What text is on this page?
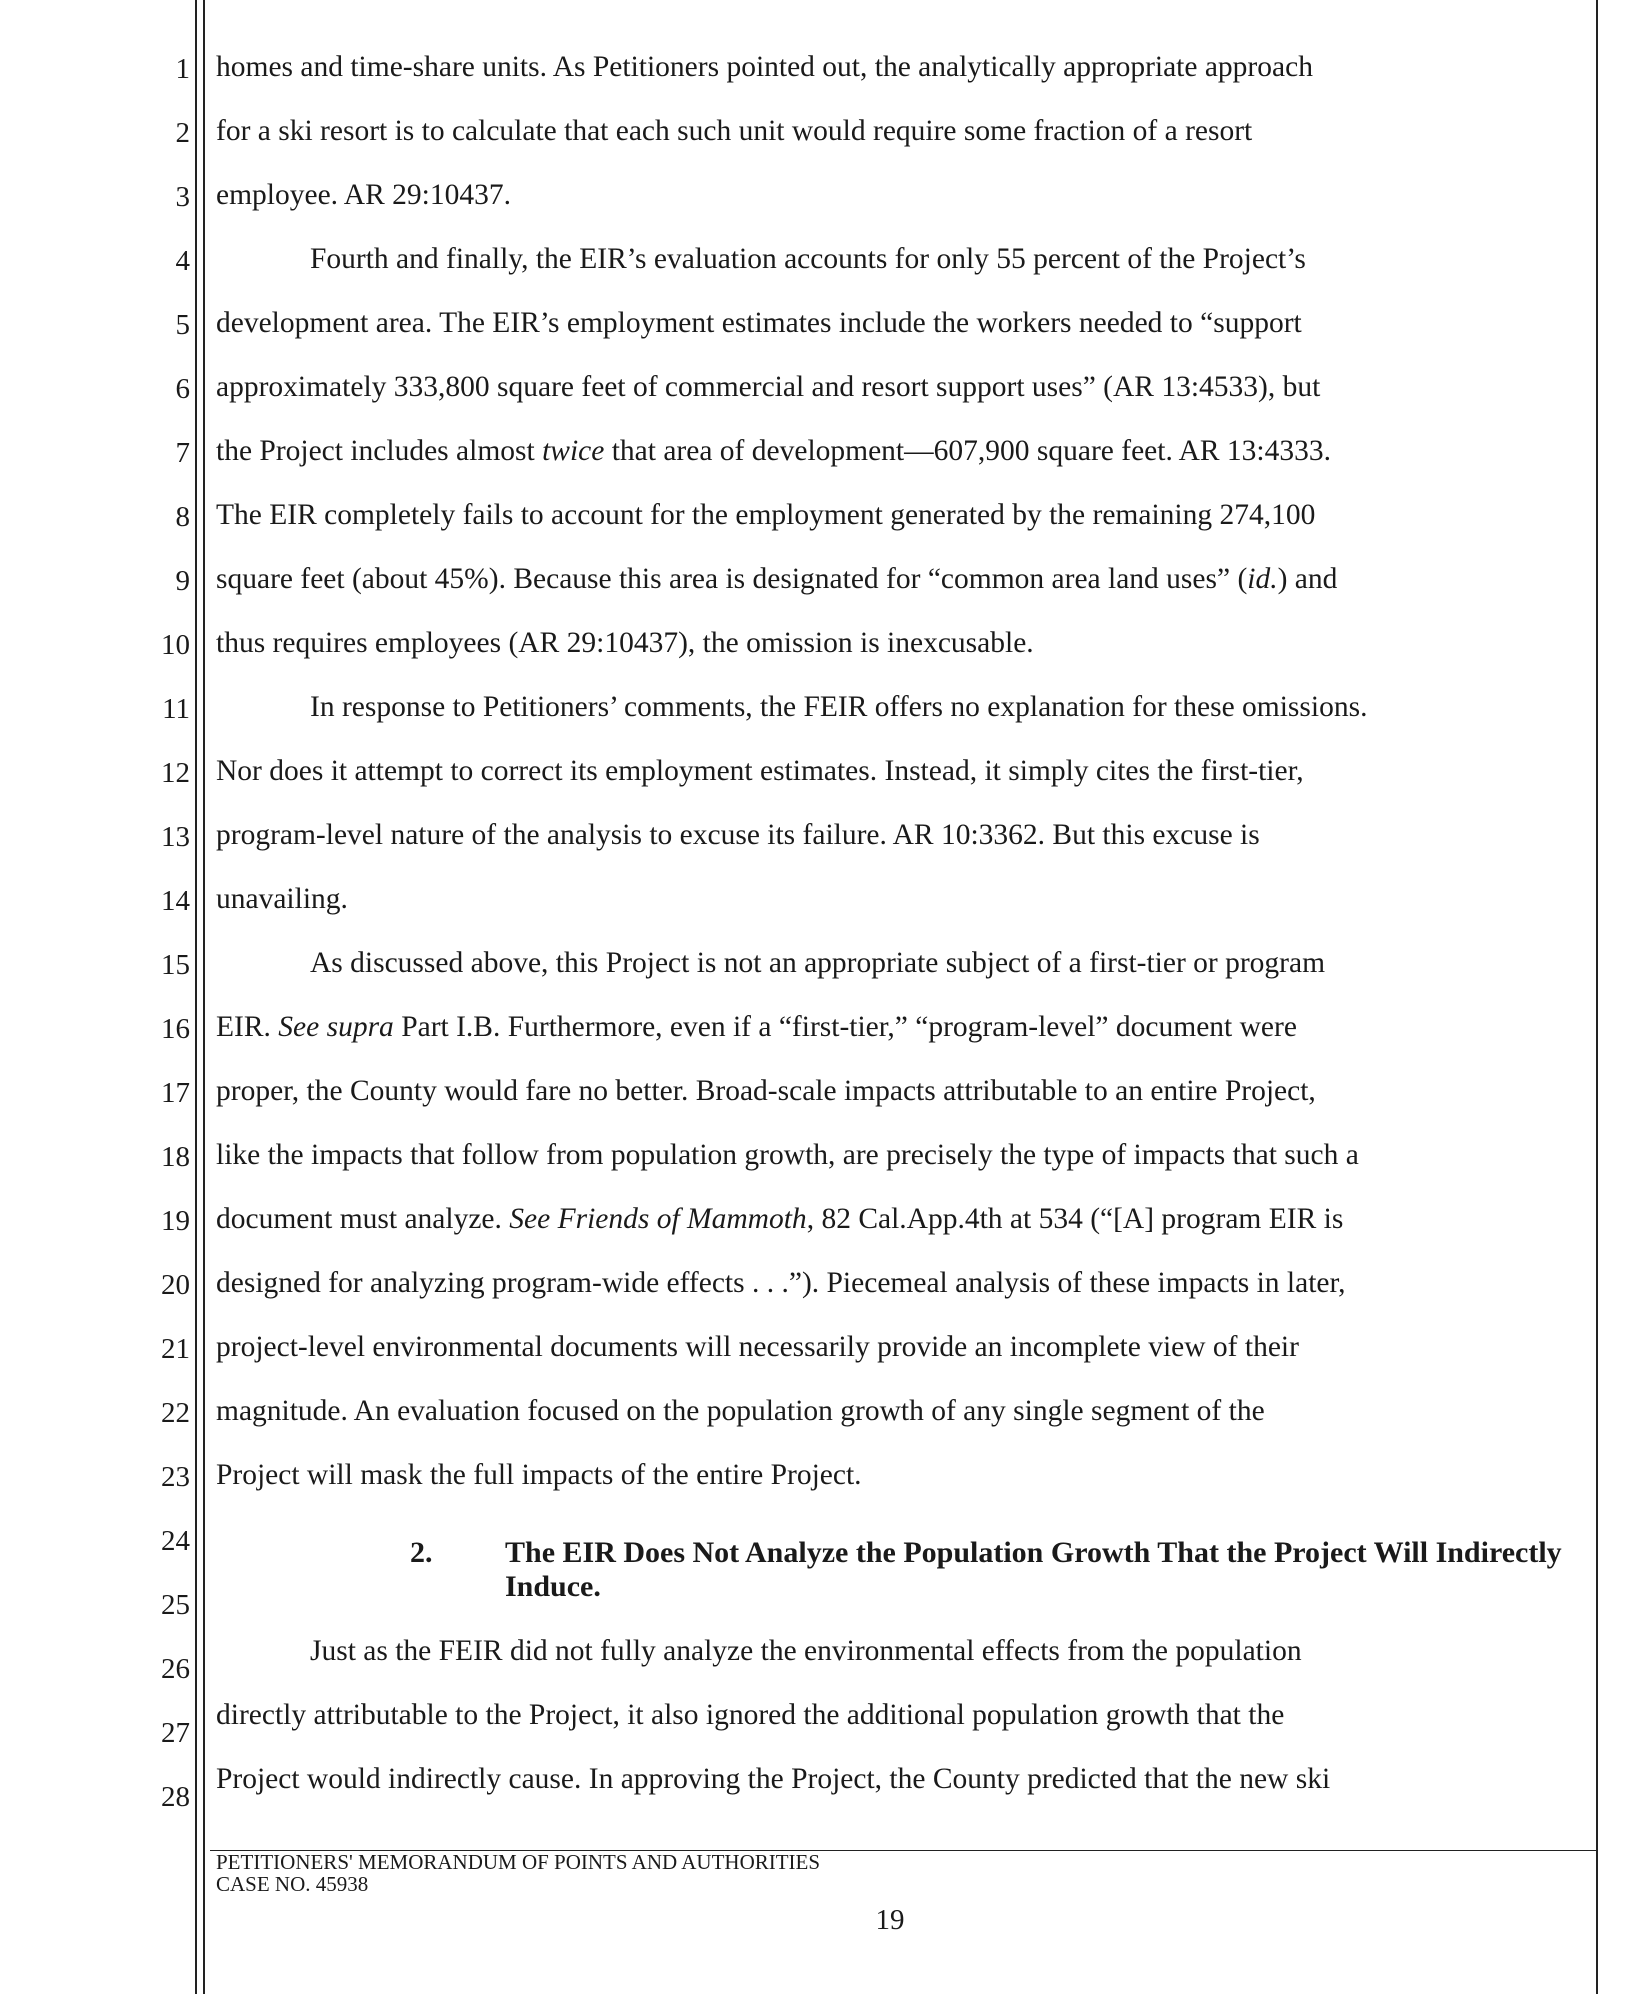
1
2
3
4
5
6
7
8
9
10
11
12
13
14
15
16
17
18
19
20
21
22
23
24
25
26
27
28
homes and time-share units. As Petitioners pointed out, the analytically appropriate approach
for a ski resort is to calculate that each such unit would require some fraction of a resort
employee. AR 29:10437.
Fourth and finally, the EIR’s evaluation accounts for only 55 percent of the Project’s
development area. The EIR’s employment estimates include the workers needed to “support
approximately 333,800 square feet of commercial and resort support uses” (AR 13:4533), but
the Project includes almost twice that area of development—607,900 square feet. AR 13:4333.
The EIR completely fails to account for the employment generated by the remaining 274,100
square feet (about 45%). Because this area is designated for “common area land uses” (id.) and
thus requires employees (AR 29:10437), the omission is inexcusable.
In response to Petitioners’ comments, the FEIR offers no explanation for these omissions.
Nor does it attempt to correct its employment estimates. Instead, it simply cites the first-tier,
program-level nature of the analysis to excuse its failure. AR 10:3362. But this excuse is
unavailing.
As discussed above, this Project is not an appropriate subject of a first-tier or program
EIR. See supra Part I.B. Furthermore, even if a “first-tier,” “program-level” document were
proper, the County would fare no better. Broad-scale impacts attributable to an entire Project,
like the impacts that follow from population growth, are precisely the type of impacts that such a
document must analyze. See Friends of Mammoth, 82 Cal.App.4th at 534 (“[A] program EIR is
designed for analyzing program-wide effects . . .”). Piecemeal analysis of these impacts in later,
project-level environmental documents will necessarily provide an incomplete view of their
magnitude. An evaluation focused on the population growth of any single segment of the
Project will mask the full impacts of the entire Project.
2. The EIR Does Not Analyze the Population Growth That the Project Will Indirectly Induce.
Just as the FEIR did not fully analyze the environmental effects from the population
directly attributable to the Project, it also ignored the additional population growth that the
Project would indirectly cause. In approving the Project, the County predicted that the new ski
PETITIONERS' MEMORANDUM OF POINTS AND AUTHORITIES
CASE NO. 45938
19
